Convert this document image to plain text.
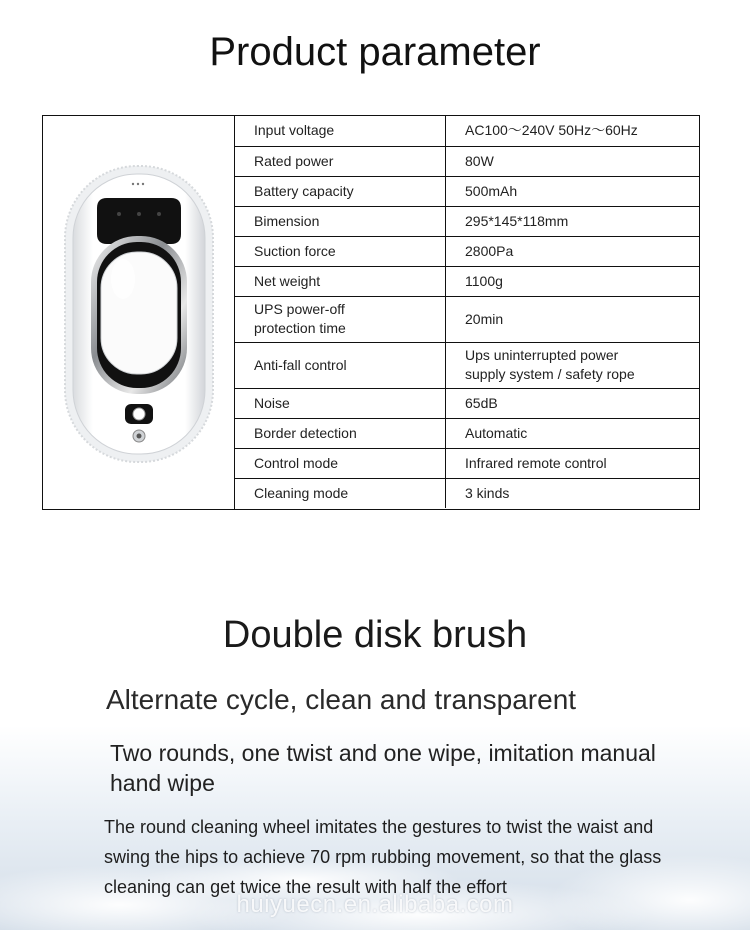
Product parameter
Input voltage	AC100～240V 50Hz～60Hz
Rated power	80W
Battery capacity	500mAh
Bimension	295*145*118mm
Suction force	2800Pa
Net weight	1100g
UPS power-off
protection time	20min
Anti-fall control	Ups uninterrupted power
supply system / safety rope
Noise	65dB
Border detection	Automatic
Control mode	Infrared remote control
Cleaning mode	3 kinds
Double disk brush

Alternate cycle, clean and transparent

Two rounds, one twist and one wipe, imitation manual hand wipe

The round cleaning wheel imitates the gestures to twist the waist and swing the hips to achieve 70 rpm rubbing movement, so that the glass cleaning can get twice the result with half the effort

huiyuecn.en.alibaba.com
